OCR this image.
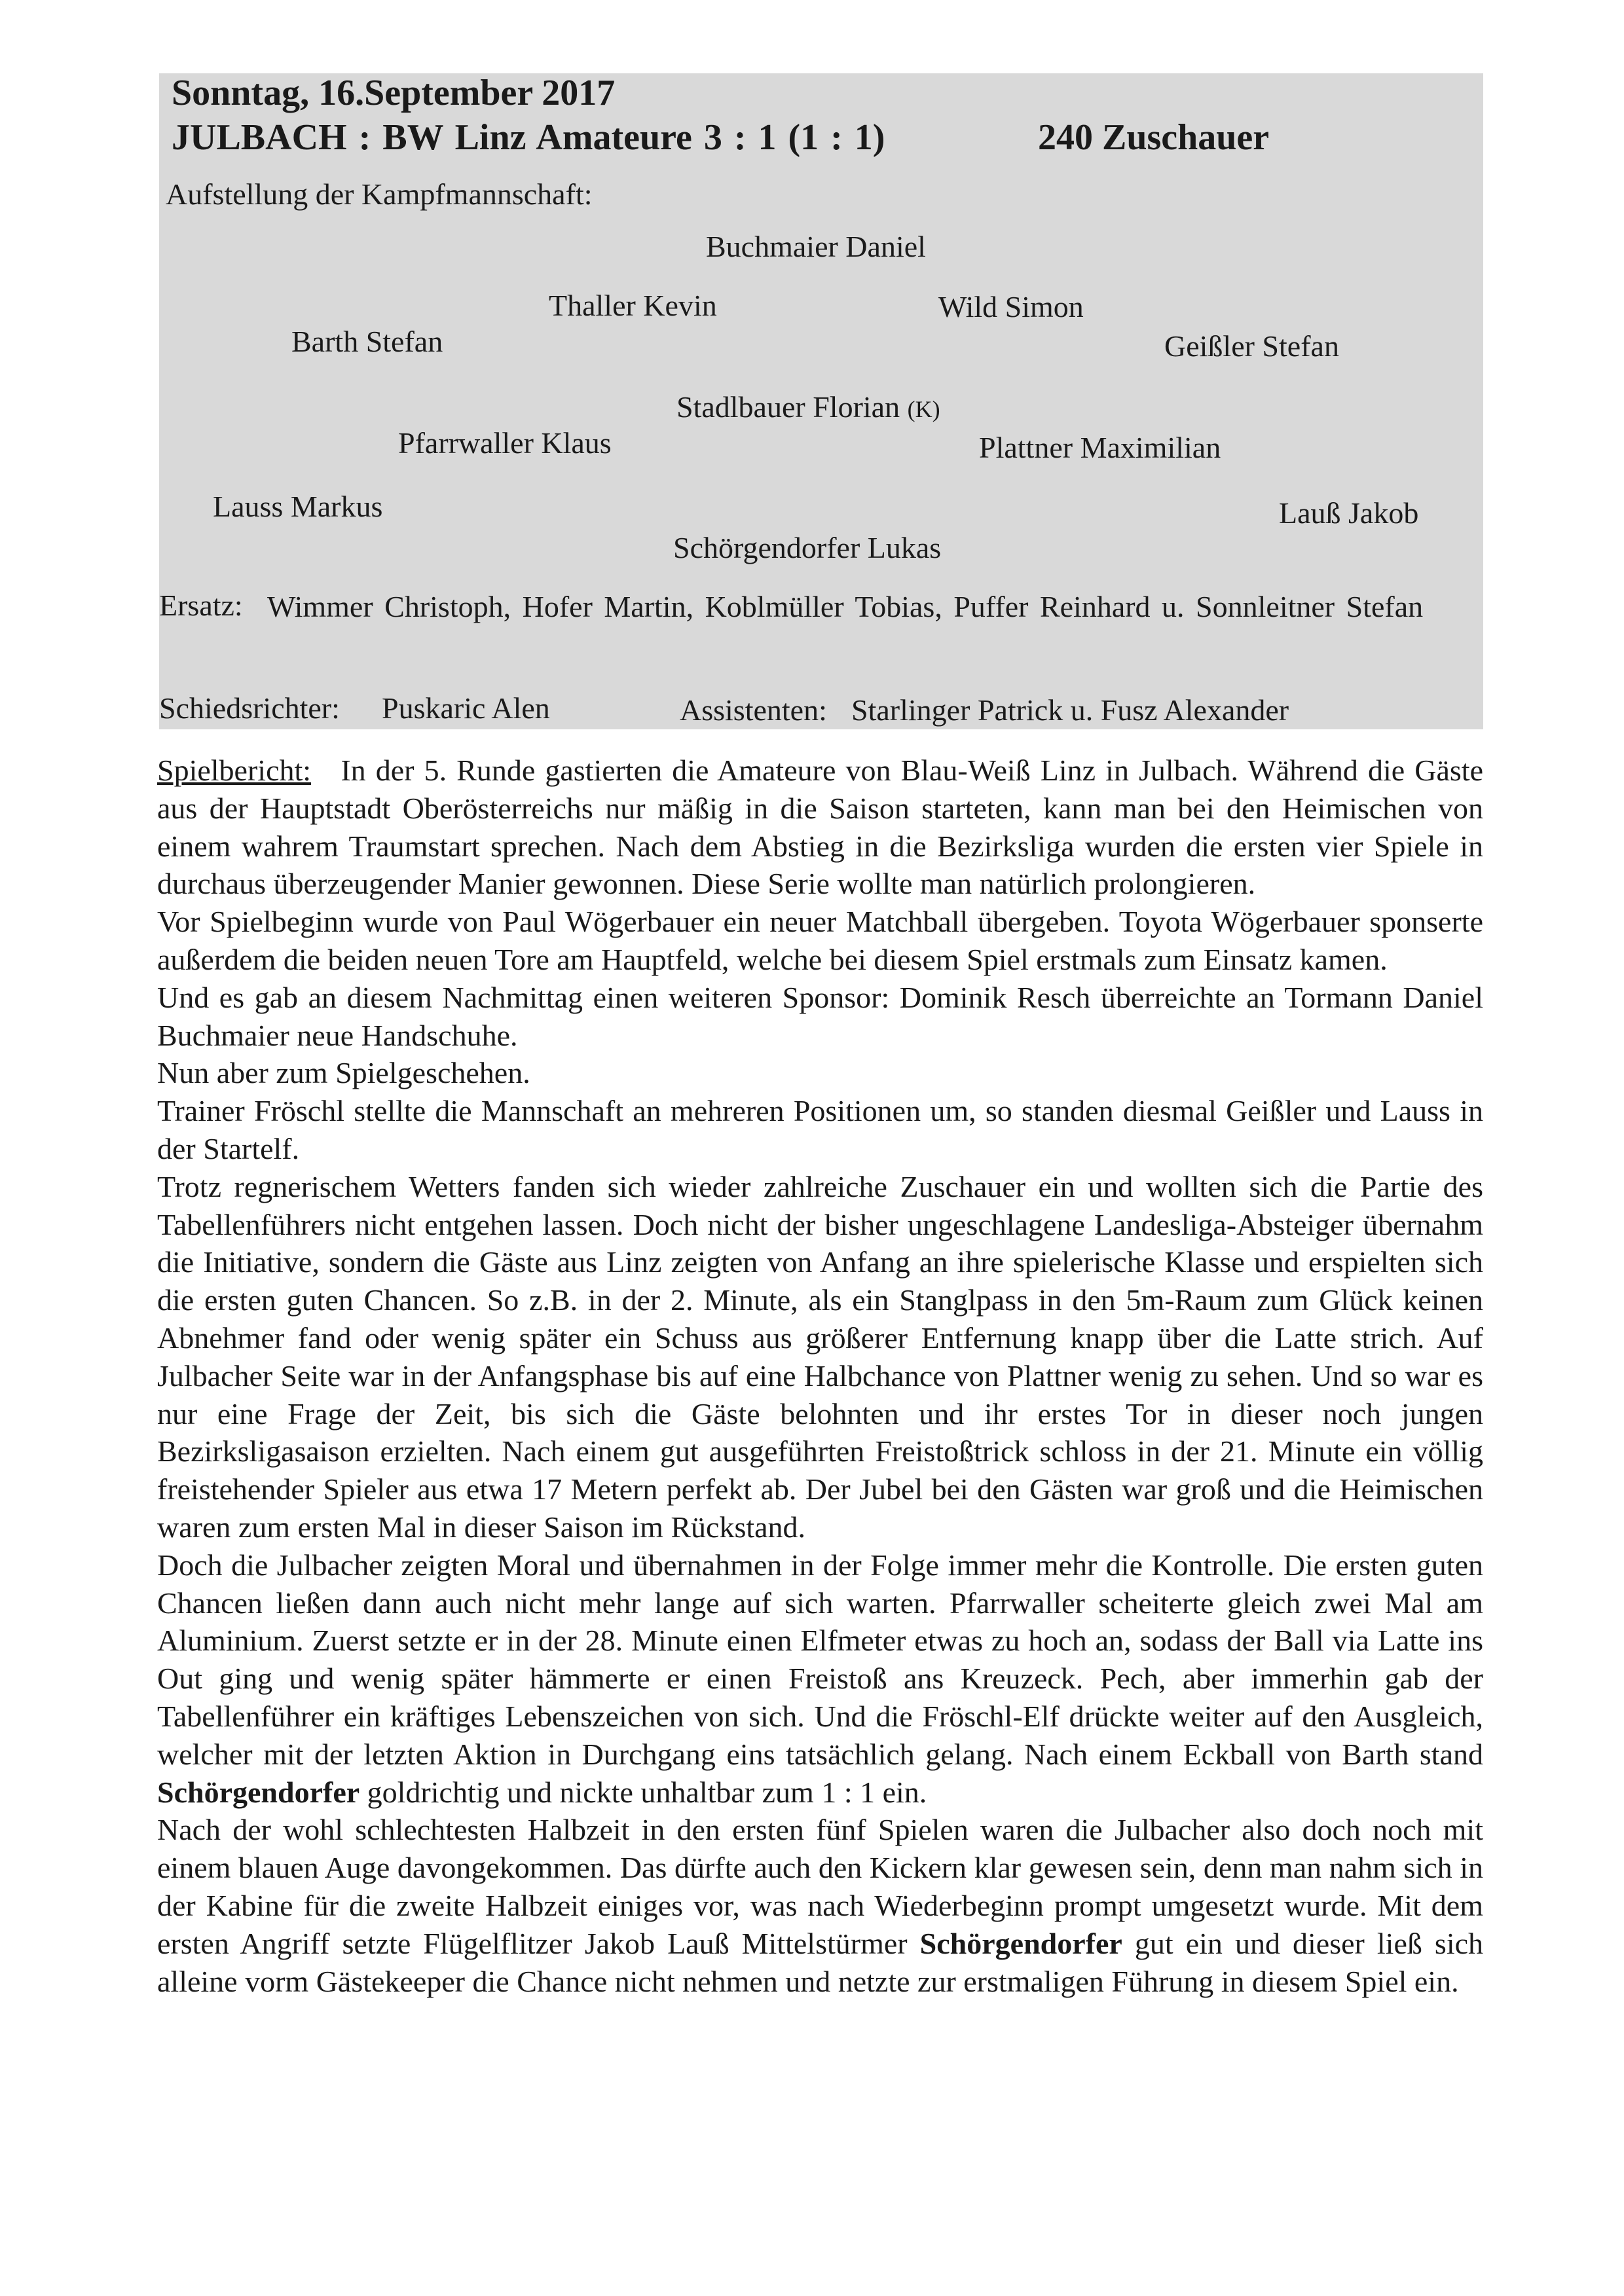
Sonntag, 16.September 2017
JULBACH : BW Linz Amateure 3 : 1 (1 : 1)	240 Zuschauer
Aufstellung der Kampfmannschaft:
Buchmaier Daniel
Thaller Kevin	Wild Simon
Barth Stefan	Geißler Stefan
Stadlbauer Florian (K)
Pfarrwaller Klaus	Plattner Maximilian
Lauss Markus	Lauß Jakob
Schörgendorfer Lukas
Ersatz: Wimmer Christoph, Hofer Martin, Koblmüller Tobias, Puffer Reinhard u. Sonnleitner Stefan
Schiedsrichter: Puskaric Alen	Assistenten: Starlinger Patrick u. Fusz Alexander

Spielbericht: In der 5. Runde gastierten die Amateure von Blau-Weiß Linz in Julbach. Während die Gäste aus der Hauptstadt Oberösterreichs nur mäßig in die Saison starteten, kann man bei den Heimischen von einem wahrem Traumstart sprechen. Nach dem Abstieg in die Bezirksliga wurden die ersten vier Spiele in durchaus überzeugender Manier gewonnen. Diese Serie wollte man natürlich prolongieren.

Vor Spielbeginn wurde von Paul Wögerbauer ein neuer Matchball übergeben. Toyota Wögerbauer sponserte außerdem die beiden neuen Tore am Hauptfeld, welche bei diesem Spiel erstmals zum Einsatz kamen.

Und es gab an diesem Nachmittag einen weiteren Sponsor: Dominik Resch überreichte an Tormann Daniel Buchmaier neue Handschuhe.

Nun aber zum Spielgeschehen.

Trainer Fröschl stellte die Mannschaft an mehreren Positionen um, so standen diesmal Geißler und Lauss in der Startelf.

Trotz regnerischem Wetters fanden sich wieder zahlreiche Zuschauer ein und wollten sich die Partie des Tabellenführers nicht entgehen lassen. Doch nicht der bisher ungeschlagene Landesliga-Absteiger übernahm die Initiative, sondern die Gäste aus Linz zeigten von Anfang an ihre spielerische Klasse und erspielten sich die ersten guten Chancen. So z.B. in der 2. Minute, als ein Stanglpass in den 5m-Raum zum Glück keinen Abnehmer fand oder wenig später ein Schuss aus größerer Entfernung knapp über die Latte strich. Auf Julbacher Seite war in der Anfangsphase bis auf eine Halbchance von Plattner wenig zu sehen. Und so war es nur eine Frage der Zeit, bis sich die Gäste belohnten und ihr erstes Tor in dieser noch jungen Bezirksligasaison erzielten. Nach einem gut ausgeführten Freistoßtrick schloss in der 21. Minute ein völlig freistehender Spieler aus etwa 17 Metern perfekt ab. Der Jubel bei den Gästen war groß und die Heimischen waren zum ersten Mal in dieser Saison im Rückstand.

Doch die Julbacher zeigten Moral und übernahmen in der Folge immer mehr die Kontrolle. Die ersten guten Chancen ließen dann auch nicht mehr lange auf sich warten. Pfarrwaller scheiterte gleich zwei Mal am Aluminium. Zuerst setzte er in der 28. Minute einen Elfmeter etwas zu hoch an, sodass der Ball via Latte ins Out ging und wenig später hämmerte er einen Freistoß ans Kreuzeck. Pech, aber immerhin gab der Tabellenführer ein kräftiges Lebenszeichen von sich. Und die Fröschl-Elf drückte weiter auf den Ausgleich, welcher mit der letzten Aktion in Durchgang eins tatsächlich gelang. Nach einem Eckball von Barth stand Schörgendorfer goldrichtig und nickte unhaltbar zum 1 : 1 ein.

Nach der wohl schlechtesten Halbzeit in den ersten fünf Spielen waren die Julbacher also doch noch mit einem blauen Auge davongekommen. Das dürfte auch den Kickern klar gewesen sein, denn man nahm sich in der Kabine für die zweite Halbzeit einiges vor, was nach Wiederbeginn prompt umgesetzt wurde. Mit dem ersten Angriff setzte Flügelflitzer Jakob Lauß Mittelstürmer Schörgendorfer gut ein und dieser ließ sich alleine vorm Gästekeeper die Chance nicht nehmen und netzte zur erstmaligen Führung in diesem Spiel ein.
